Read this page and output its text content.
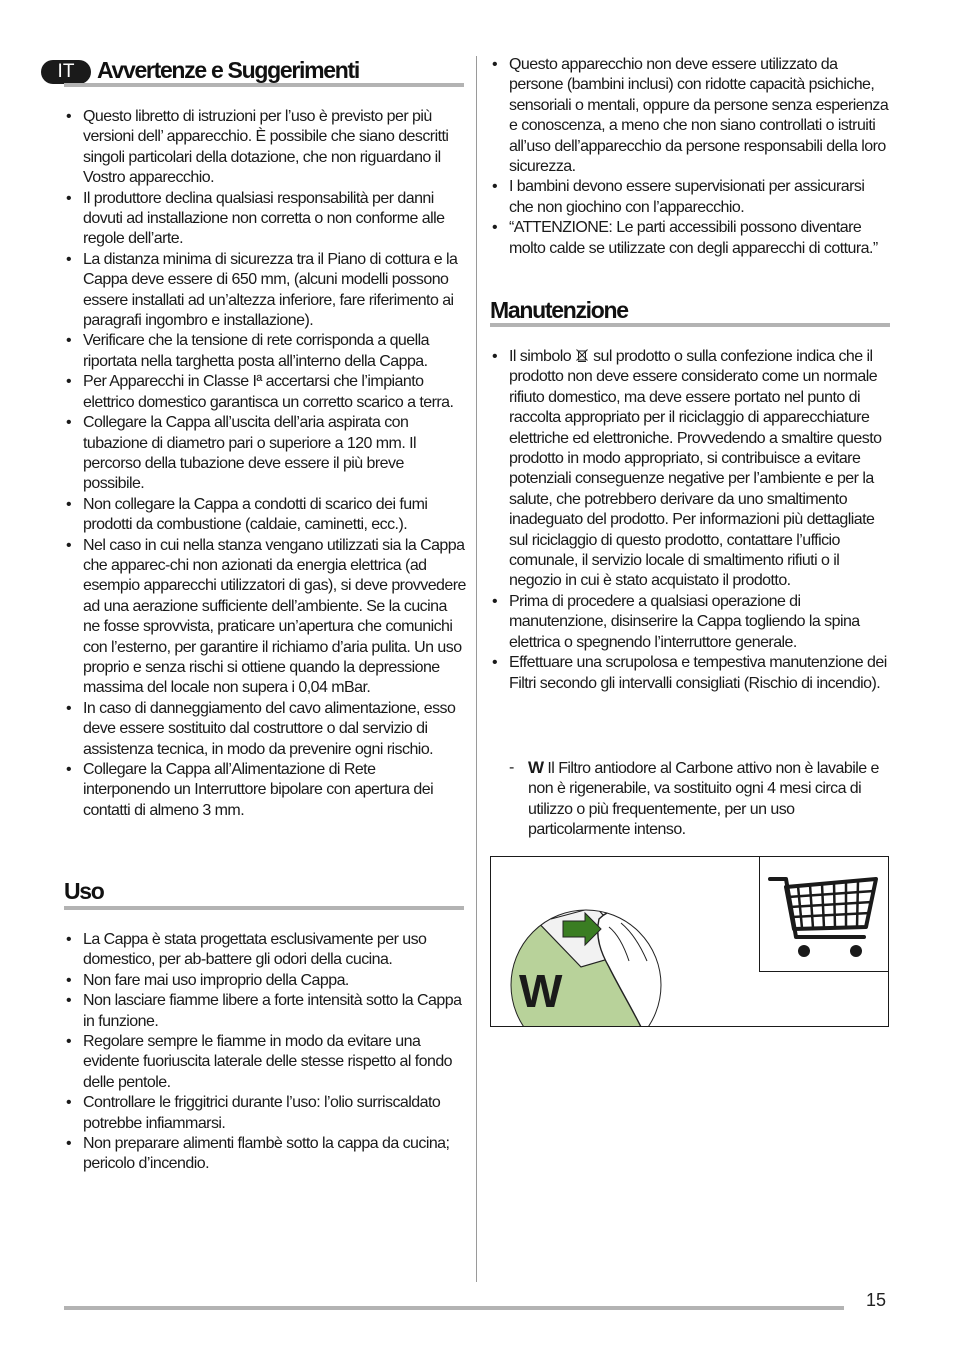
IT Avvertenze e Suggerimenti
• Questo libretto di istruzioni per l’uso è previsto per più versioni dell’ apparecchio. È possibile che siano descritti singoli particolari della dotazione, che non riguardano il Vostro apparecchio.
• Il produttore declina qualsiasi responsabilità per danni dovuti ad installazione non corretta o non conforme alle regole dell’arte.
• La distanza minima di sicurezza tra il Piano di cottura e la Cappa deve essere di 650 mm, (alcuni modelli possono essere installati ad un’altezza inferiore, fare riferimento ai paragrafi ingombro e installazione).
• Verificare che la tensione di rete corrisponda a quella riportata nella targhetta posta all’interno della Cappa.
• Per Apparecchi in Classe Iª accertarsi che l’impianto elettrico domestico garantisca un corretto scarico a terra.
• Collegare la Cappa all’uscita dell’aria aspirata con tubazione di diametro pari o superiore a 120 mm. Il percorso della tubazione deve essere il più breve possibile.
• Non collegare la Cappa a condotti di scarico dei fumi prodotti da combustione (caldaie, caminetti, ecc.).
• Nel caso in cui nella stanza vengano utilizzati sia la Cappa che apparec-chi non azionati da energia elettrica (ad esempio apparecchi utilizzatori di gas), si deve provvedere ad una aerazione sufficiente dell’ambiente. Se la cucina ne fosse sprovvista, praticare un’apertura che comunichi con l’esterno, per garantire il richiamo d’aria pulita. Un uso proprio e senza rischi si ottiene quando la depressione massima del locale non supera i 0,04 mBar.
• In caso di danneggiamento del cavo alimentazione, esso deve essere sostituito dal costruttore o dal servizio di assistenza tecnica, in modo da prevenire ogni rischio.
• Collegare la Cappa all’Alimentazione di Rete interponendo un Interruttore bipolare con apertura dei contatti di almeno 3 mm.
Uso
• La Cappa è stata progettata esclusivamente per uso domestico, per ab-battere gli odori della cucina.
• Non fare mai uso improprio della Cappa.
• Non lasciare fiamme libere a forte intensità sotto la Cappa in funzione.
• Regolare sempre le fiamme in modo da evitare una evidente fuoriuscita laterale delle stesse rispetto al fondo delle pentole.
• Controllare le friggitrici durante l’uso: l’olio surriscaldato potrebbe infiammarsi.
• Non preparare alimenti flambè sotto la cappa da cucina; pericolo d’incendio.
• Questo apparecchio non deve essere utilizzato da persone (bambini inclusi) con ridotte capacità psichiche, sensoriali o mentali, oppure da persone senza esperienza e conoscenza, a meno che non siano controllati o istruiti all’uso dell’apparecchio da persone responsabili della loro sicurezza.
• I bambini devono essere supervisionati per assicurarsi che non giochino con l’apparecchio.
• “ATTENZIONE: Le parti accessibili possono diventare molto calde se utilizzate con degli apparecchi di cottura.”
Manutenzione
• Il simbolo sul prodotto o sulla confezione indica che il prodotto non deve essere considerato come un normale rifiuto domestico, ma deve essere portato nel punto di raccolta appropriato per il riciclaggio di apparecchiature elettriche ed elettroniche. Provvedendo a smaltire questo prodotto in modo appropriato, si contribuisce a evitare potenziali conseguenze negative per l’ambiente e per la salute, che potrebbero derivare da uno smaltimento inadeguato del prodotto. Per informazioni più dettagliate sul riciclaggio di questo prodotto, contattare l’ufficio comunale, il servizio locale di smaltimento rifiuti o il negozio in cui è stato acquistato il prodotto.
• Prima di procedere a qualsiasi operazione di manutenzione, disinserire la Cappa togliendo la spina elettrica o spegnendo l’interruttore generale.
• Effettuare una scrupolosa e tempestiva manutenzione dei Filtri secondo gli intervalli consigliati (Rischio di incendio).
- W Il Filtro antiodore al Carbone attivo non è lavabile e non è rigenerabile, va sostituito ogni 4 mesi circa di utilizzo o più frequentemente, per un uso particolarmente intenso.
W
15
